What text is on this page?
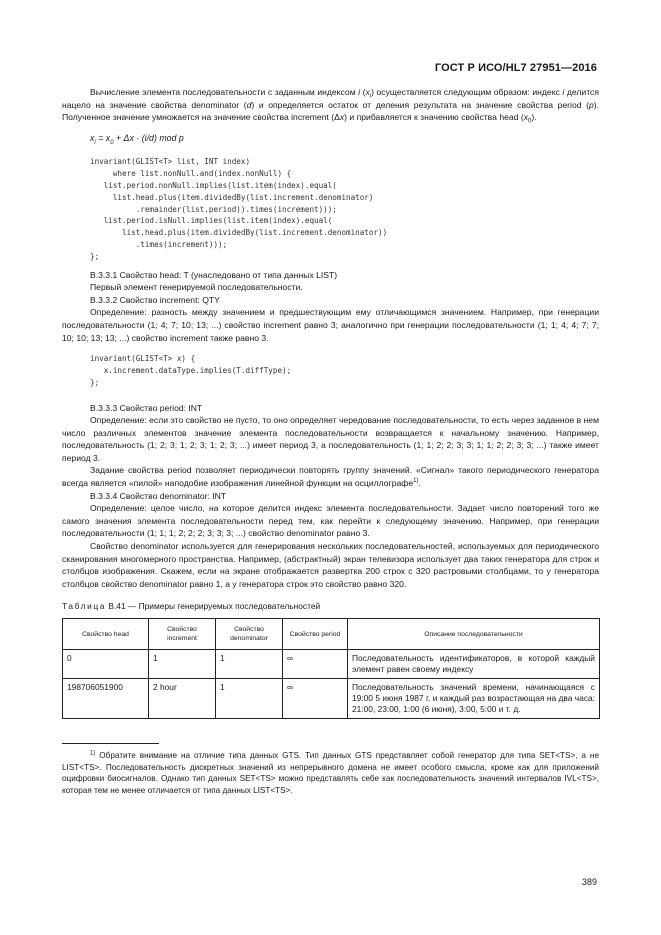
ГОСТ Р ИСО/HL7 27951—2016

Вычисление элемента последовательности с заданным индексом i $(x_i)$ осуществляется следующим образом: индекс i делится нацело на значение свойства denominator (d) и определяется остаток от деления результата на значение свойства period (p). Полученное значение умножается на значение свойства increment (Δx) и прибавляется к значению свойства head $(x_0)$.

$x_i = x_0 + \Delta x \cdot (i/d)$ mod p
invariant(GLIST<T> list, INT index)
where list.nonNull.and(index.nonNull) {
list.period.nonNull.implies(list.item(index).equal(
list.head.plus(item.dividedBy(list.increment.denominator)
.remainder(list.period)).times(increment)));
list.period.isNull.implies(list.item(index).equal(
list.head.plus(item.dividedBy(list.increment.denominator))
.times(increment)));
};

В.3.3.1 Свойство head: T (унаследовано от типа данных LIST)

Первый элемент генерируемой последовательности.

В.3.3.2 Свойство increment: QTY

Определение: разность между значением и предшествующим ему отличающимся значением. Например, при генерации последовательности (1; 4; 7; 10; 13; ...) свойство increment равно 3; аналогично при генерации последовательности (1; 1; 4; 4; 7; 7; 10; 10; 13; 13; ...) свойство increment также равно 3.

invariant(GLIST<T> x) {
x.increment.dataType.implies(T.diffType);
};

В.3.3.3 Свойство period: INT

Определение: если это свойство не пусто, то оно определяет чередование последовательности, то есть через заданное в нем число различных элементов значение элемента последовательности возвращается к начальному значению. Например, последовательность (1; 2; 3; 1; 2; 3; 1; 2; 3; ...) имеет период 3, а последовательность (1; 1; 2; 2; 3; 3; 1; 1; 2; 2; 3; 3; ...) также имеет период 3.

Задание свойства period позволяет периодически повторять группу значений. «Сигнал» такого периодического генератора всегда является «пилой» наподобие изображения линейной функции на осциллографе$^{1)}$.

В.3.3.4 Свойство denominator: INT

Определение: целое число, на которое делится индекс элемента последовательности. Задает число повторений того же самого значения элемента последовательности перед тем, как перейти к следующему значению. Например, при генерации последовательности (1; 1; 1; 2; 2; 2; 3; 3; 3; ...) свойство denominator равно 3.

Свойство denominator используется для генерирования нескольких последовательностей, используемых для периодического сканирования многомерного пространства. Например, (абстрактный) экран телевизора использует два таких генератора для строк и столбцов изображения. Скажем, если на экране отображается развертка 200 строк с 320 растровыми столбцами, то у генератора столбцов свойство denominator равно 1, а у генератора строк это свойство равно 320.

Таблица В.41 — Примеры генерируемых последовательностей
Свойство head	Свойство increment	Свойство denominator	Свойство period	Описание последовательности
0	1	1	∞	Последовательность идентификаторов, в которой каждый элемент равен своему индексу
198706051900	2 hour	1	∞	Последовательность значений времени, начинающаяся с 19:00 5 июня 1987 г. и каждый раз возрастающая на два часа: 21:00, 23:00, 1:00 (6 июня), 3:00, 5:00 и т. д.

$^{1)}$ Обратите внимание на отличие типа данных GTS. Тип данных GTS представляет собой генератор для типа SET<TS>, а не LIST<TS>. Последовательность дискретных значений из непрерывного домена не имеет особого смысла, кроме как для приложений оцифровки биосигналов. Однако тип данных SET<TS> можно представлять себе как последовательность значений интервалов IVL<TS>, которая тем не менее отличается от типа данных LIST<TS>.

389
